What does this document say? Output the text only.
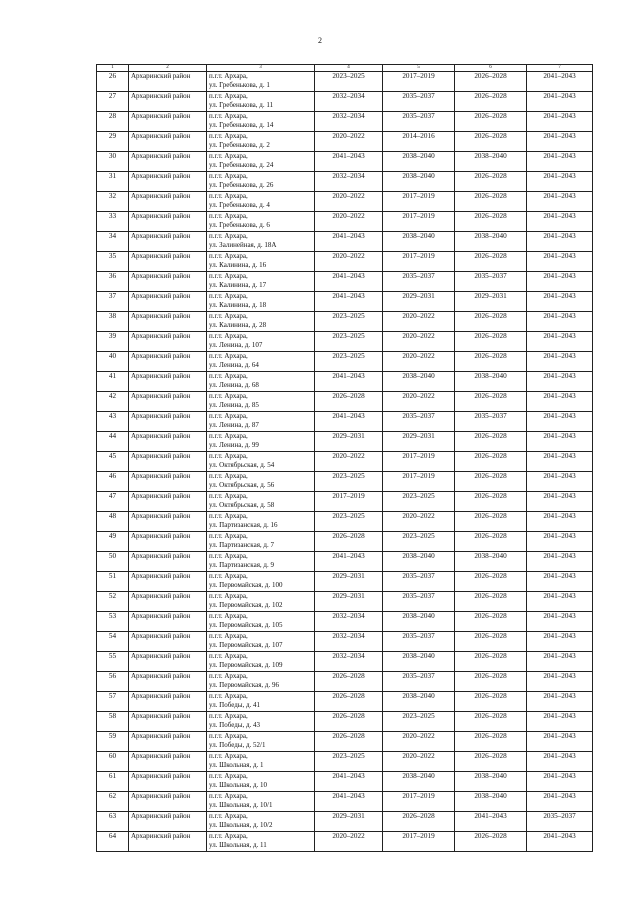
2
1	2	3	4	5	6	7
26	Архаринский район	п.г.т. Архара,
ул. Гребенькова, д. 1	2023–2025	2017–2019	2026–2028	2041–2043
27	Архаринский район	п.г.т. Архара,
ул. Гребенькова, д. 11	2032–2034	2035–2037	2026–2028	2041–2043
28	Архаринский район	п.г.т. Архара,
ул. Гребенькова, д. 14	2032–2034	2035–2037	2026–2028	2041–2043
29	Архаринский район	п.г.т. Архара,
ул. Гребенькова, д. 2	2020–2022	2014–2016	2026–2028	2041–2043
30	Архаринский район	п.г.т. Архара,
ул. Гребенькова, д. 24	2041–2043	2038–2040	2038–2040	2041–2043
31	Архаринский район	п.г.т. Архара,
ул. Гребенькова, д. 26	2032–2034	2038–2040	2026–2028	2041–2043
32	Архаринский район	п.г.т. Архара,
ул. Гребенькова, д. 4	2020–2022	2017–2019	2026–2028	2041–2043
33	Архаринский район	п.г.т. Архара,
ул. Гребенькова, д. 6	2020–2022	2017–2019	2026–2028	2041–2043
34	Архаринский район	п.г.т. Архара,
ул. Залинейная, д. 18А	2041–2043	2038–2040	2038–2040	2041–2043
35	Архаринский район	п.г.т. Архара,
ул. Калинина, д. 16	2020–2022	2017–2019	2026–2028	2041–2043
36	Архаринский район	п.г.т. Архара,
ул. Калинина, д. 17	2041–2043	2035–2037	2035–2037	2041–2043
37	Архаринский район	п.г.т. Архара,
ул. Калинина, д. 18	2041–2043	2029–2031	2029–2031	2041–2043
38	Архаринский район	п.г.т. Архара,
ул. Калинина, д. 28	2023–2025	2020–2022	2026–2028	2041–2043
39	Архаринский район	п.г.т. Архара,
ул. Ленина, д. 107	2023–2025	2020–2022	2026–2028	2041–2043
40	Архаринский район	п.г.т. Архара,
ул. Ленина, д. 64	2023–2025	2020–2022	2026–2028	2041–2043
41	Архаринский район	п.г.т. Архара,
ул. Ленина, д. 68	2041–2043	2038–2040	2038–2040	2041–2043
42	Архаринский район	п.г.т. Архара,
ул. Ленина, д. 85	2026–2028	2020–2022	2026–2028	2041–2043
43	Архаринский район	п.г.т. Архара,
ул. Ленина, д. 87	2041–2043	2035–2037	2035–2037	2041–2043
44	Архаринский район	п.г.т. Архара,
ул. Ленина, д. 99	2029–2031	2029–2031	2026–2028	2041–2043
45	Архаринский район	п.г.т. Архара,
ул. Октябрьская, д. 54	2020–2022	2017–2019	2026–2028	2041–2043
46	Архаринский район	п.г.т. Архара,
ул. Октябрьская, д. 56	2023–2025	2017–2019	2026–2028	2041–2043
47	Архаринский район	п.г.т. Архара,
ул. Октябрьская, д. 58	2017–2019	2023–2025	2026–2028	2041–2043
48	Архаринский район	п.г.т. Архара,
ул. Партизанская, д. 16	2023–2025	2020–2022	2026–2028	2041–2043
49	Архаринский район	п.г.т. Архара,
ул. Партизанская, д. 7	2026–2028	2023–2025	2026–2028	2041–2043
50	Архаринский район	п.г.т. Архара,
ул. Партизанская, д. 9	2041–2043	2038–2040	2038–2040	2041–2043
51	Архаринский район	п.г.т. Архара,
ул. Первомайская, д. 100	2029–2031	2035–2037	2026–2028	2041–2043
52	Архаринский район	п.г.т. Архара,
ул. Первомайская, д. 102	2029–2031	2035–2037	2026–2028	2041–2043
53	Архаринский район	п.г.т. Архара,
ул. Первомайская, д. 105	2032–2034	2038–2040	2026–2028	2041–2043
54	Архаринский район	п.г.т. Архара,
ул. Первомайская, д. 107	2032–2034	2035–2037	2026–2028	2041–2043
55	Архаринский район	п.г.т. Архара,
ул. Первомайская, д. 109	2032–2034	2038–2040	2026–2028	2041–2043
56	Архаринский район	п.г.т. Архара,
ул. Первомайская, д. 96	2026–2028	2035–2037	2026–2028	2041–2043
57	Архаринский район	п.г.т. Архара,
ул. Победы, д. 41	2026–2028	2038–2040	2026–2028	2041–2043
58	Архаринский район	п.г.т. Архара,
ул. Победы, д. 43	2026–2028	2023–2025	2026–2028	2041–2043
59	Архаринский район	п.г.т. Архара,
ул. Победы, д. 52/1	2026–2028	2020–2022	2026–2028	2041–2043
60	Архаринский район	п.г.т. Архара,
ул. Школьная, д. 1	2023–2025	2020–2022	2026–2028	2041–2043
61	Архаринский район	п.г.т. Архара,
ул. Школьная, д. 10	2041–2043	2038–2040	2038–2040	2041–2043
62	Архаринский район	п.г.т. Архара,
ул. Школьная, д. 10/1	2041–2043	2017–2019	2038–2040	2041–2043
63	Архаринский район	п.г.т. Архара,
ул. Школьная, д. 10/2	2029–2031	2026–2028	2041–2043	2035–2037
64	Архаринский район	п.г.т. Архара,
ул. Школьная, д. 11	2020–2022	2017–2019	2026–2028	2041–2043
